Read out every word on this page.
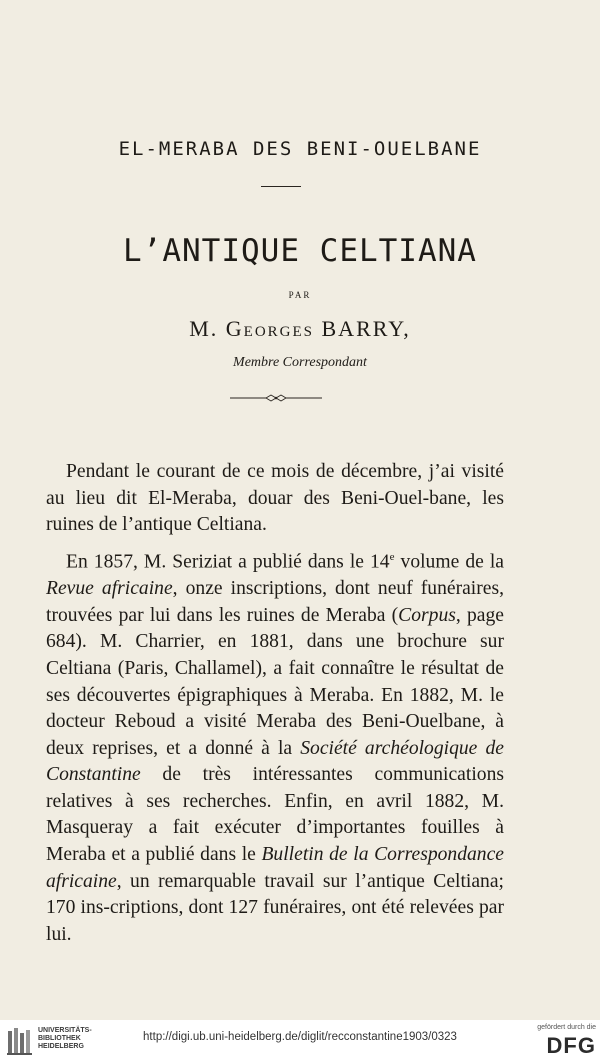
EL-MERABA DES BENI-OUELBANE
L’ANTIQUE CELTIANA
PAR
M. Georges BARRY,
Membre Correspondant
Pendant le courant de ce mois de décembre, j’ai visité au lieu dit El-Meraba, douar des Beni-Ouel-bane, les ruines de l’antique Celtiana.
En 1857, M. Seriziat a publié dans le 14e volume de la Revue africaine, onze inscriptions, dont neuf funéraires, trouvées par lui dans les ruines de Meraba (Corpus, page 684). M. Charrier, en 1881, dans une brochure sur Celtiana (Paris, Challamel), a fait connaître le résultat de ses découvertes épigraphiques à Meraba. En 1882, M. le docteur Reboud a visité Meraba des Beni-Ouelbane, à deux reprises, et a donné à la Société archéologique de Constantine de très intéressantes communications relatives à ses recherches. Enfin, en avril 1882, M. Masqueray a fait exécuter d’importantes fouilles à Meraba et a publié dans le Bulletin de la Correspondance africaine, un remarquable travail sur l’antique Celtiana; 170 ins-criptions, dont 127 funéraires, ont été relevées par lui.
UNIVERSITÄTS-
BIBLIOTHEK
HEIDELBERG
http://digi.ub.uni-heidelberg.de/diglit/recconstantine1903/0323
gefördert durch die
DFG
